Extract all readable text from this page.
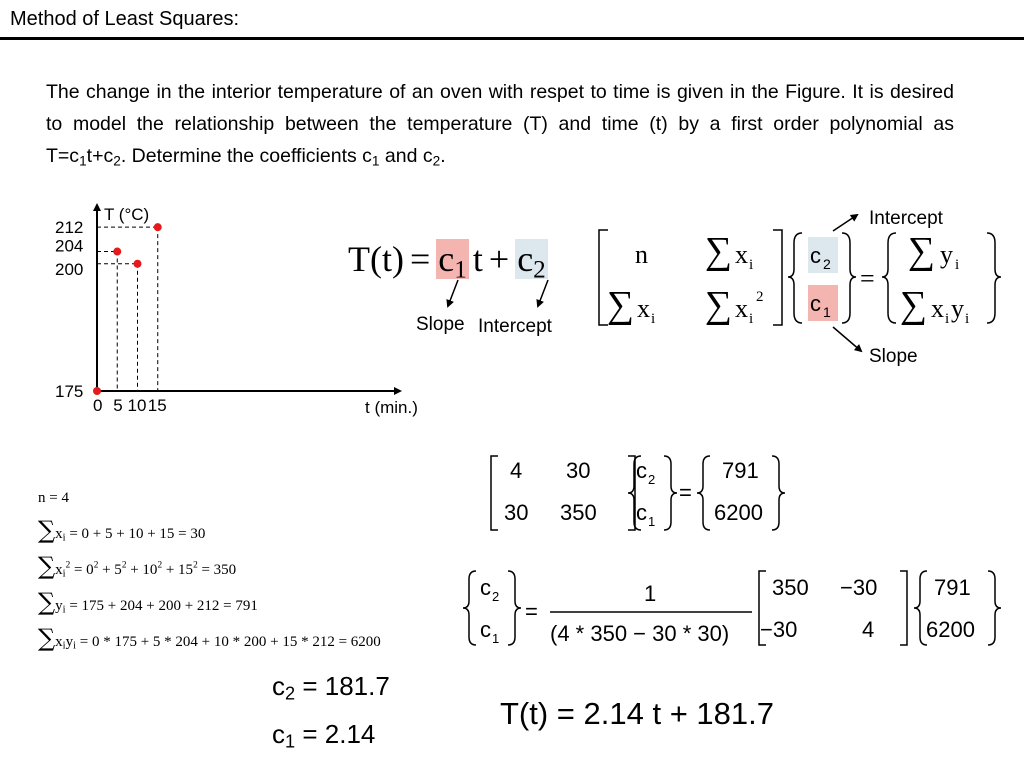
Method of Least Squares:
The change in the interior temperature of an oven with respet to time is given in the Figure. It is desired to model the relationship between the temperature (T) and time (t) by a first order polynomial as $T=c_1t+c_2$. Determine the coefficients $c_1$ and $c_2$.
0 5 10 15
175
200
204
212
T (°C)
t (min.)
$T(t) = c_1$ $t + c_2$
Slope Intercept
n ∑ x i
∑ x i ∑ x i
2
c 2
c 1
=
∑ y i
∑ x i y i
Intercept
Slope
n = 4
$\sum x_i = 0 + 5 + 10 + 15 = 30$
$\sum x_i^2 = 0^2 + 5^2 + 10^2 + 15^2 = 350$
$\sum y_i = 175 + 204 + 200 + 212 = 791$
$\sum x_iy_i = 0 * 175 + 5 * 204 + 10 * 200 + 15 * 212 = 6200$
4 30
30 350
c 2
c 1
=
791
6200
c 2
c 1
=
1
(4 * 350 − 30 * 30)
350 −30
−30	4
791
6200
$c_2 = 181.7$
$c_1 = 2.14$
T(t) = 2.14 t + 181.7
